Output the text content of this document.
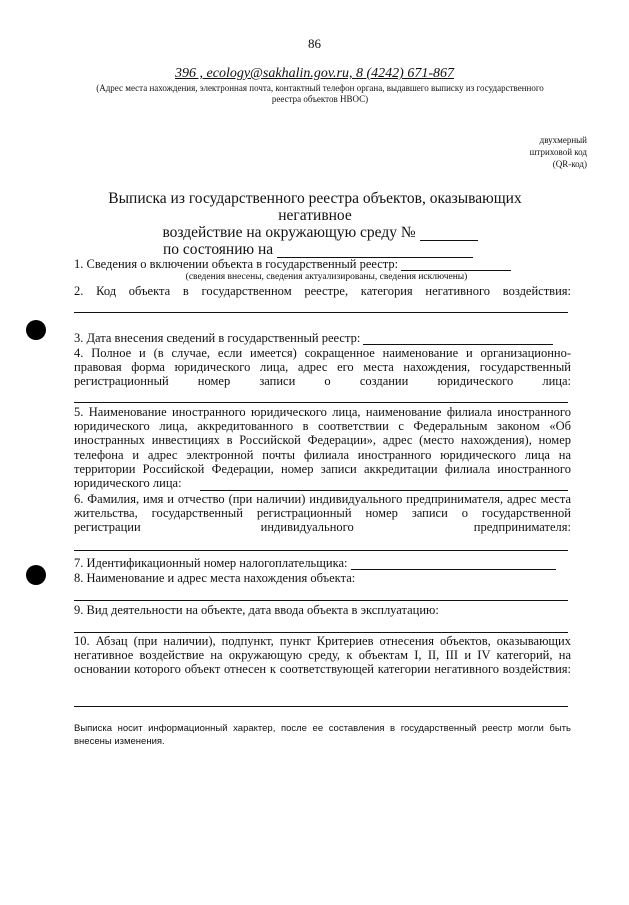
86
396 , ecology@sakhalin.gov.ru, 8 (4242) 671-867
(Адрес места нахождения, электронная почта, контактный телефон органа, выдавшего выписку из государственного реестра объектов НВОС)
двухмерный
штриховой код
(QR-код)
Выписка из государственного реестра объектов, оказывающих негативное
воздействие на окружающую среду №
по состоянию на
1. Сведения о включении объекта в государственный реестр:
(сведения внесены, сведения актуализированы, сведения исключены)
2. Код объекта в государственном реестре, категория негативного воздействия:
3. Дата внесения сведений в государственный реестр:
4. Полное и (в случае, если имеется) сокращенное наименование и организационно-правовая форма юридического лица, адрес его места нахождения, государственный регистрационный номер записи о создании юридического лица:
5. Наименование иностранного юридического лица, наименование филиала иностранного юридического лица, аккредитованного в соответствии с Федеральным законом «Об иностранных инвестициях в Российской Федерации», адрес (место нахождения), номер телефона и адрес электронной почты филиала иностранного юридического лица на территории Российской Федерации, номер записи аккредитации филиала иностранного юридического лица:
6. Фамилия, имя и отчество (при наличии) индивидуального предпринимателя, адрес места жительства, государственный регистрационный номер записи о государственной регистрации индивидуального предпринимателя:
7. Идентификационный номер налогоплательщика:
8. Наименование и адрес места нахождения объекта:
9. Вид деятельности на объекте, дата ввода объекта в эксплуатацию:
10. Абзац (при наличии), подпункт, пункт Критериев отнесения объектов, оказывающих негативное воздействие на окружающую среду, к объектам I, II, III и IV категорий, на основании которого объект отнесен к соответствующей категории негативного воздействия:
Выписка носит информационный характер, после ее составления в государственный реестр могли быть внесены изменения.
